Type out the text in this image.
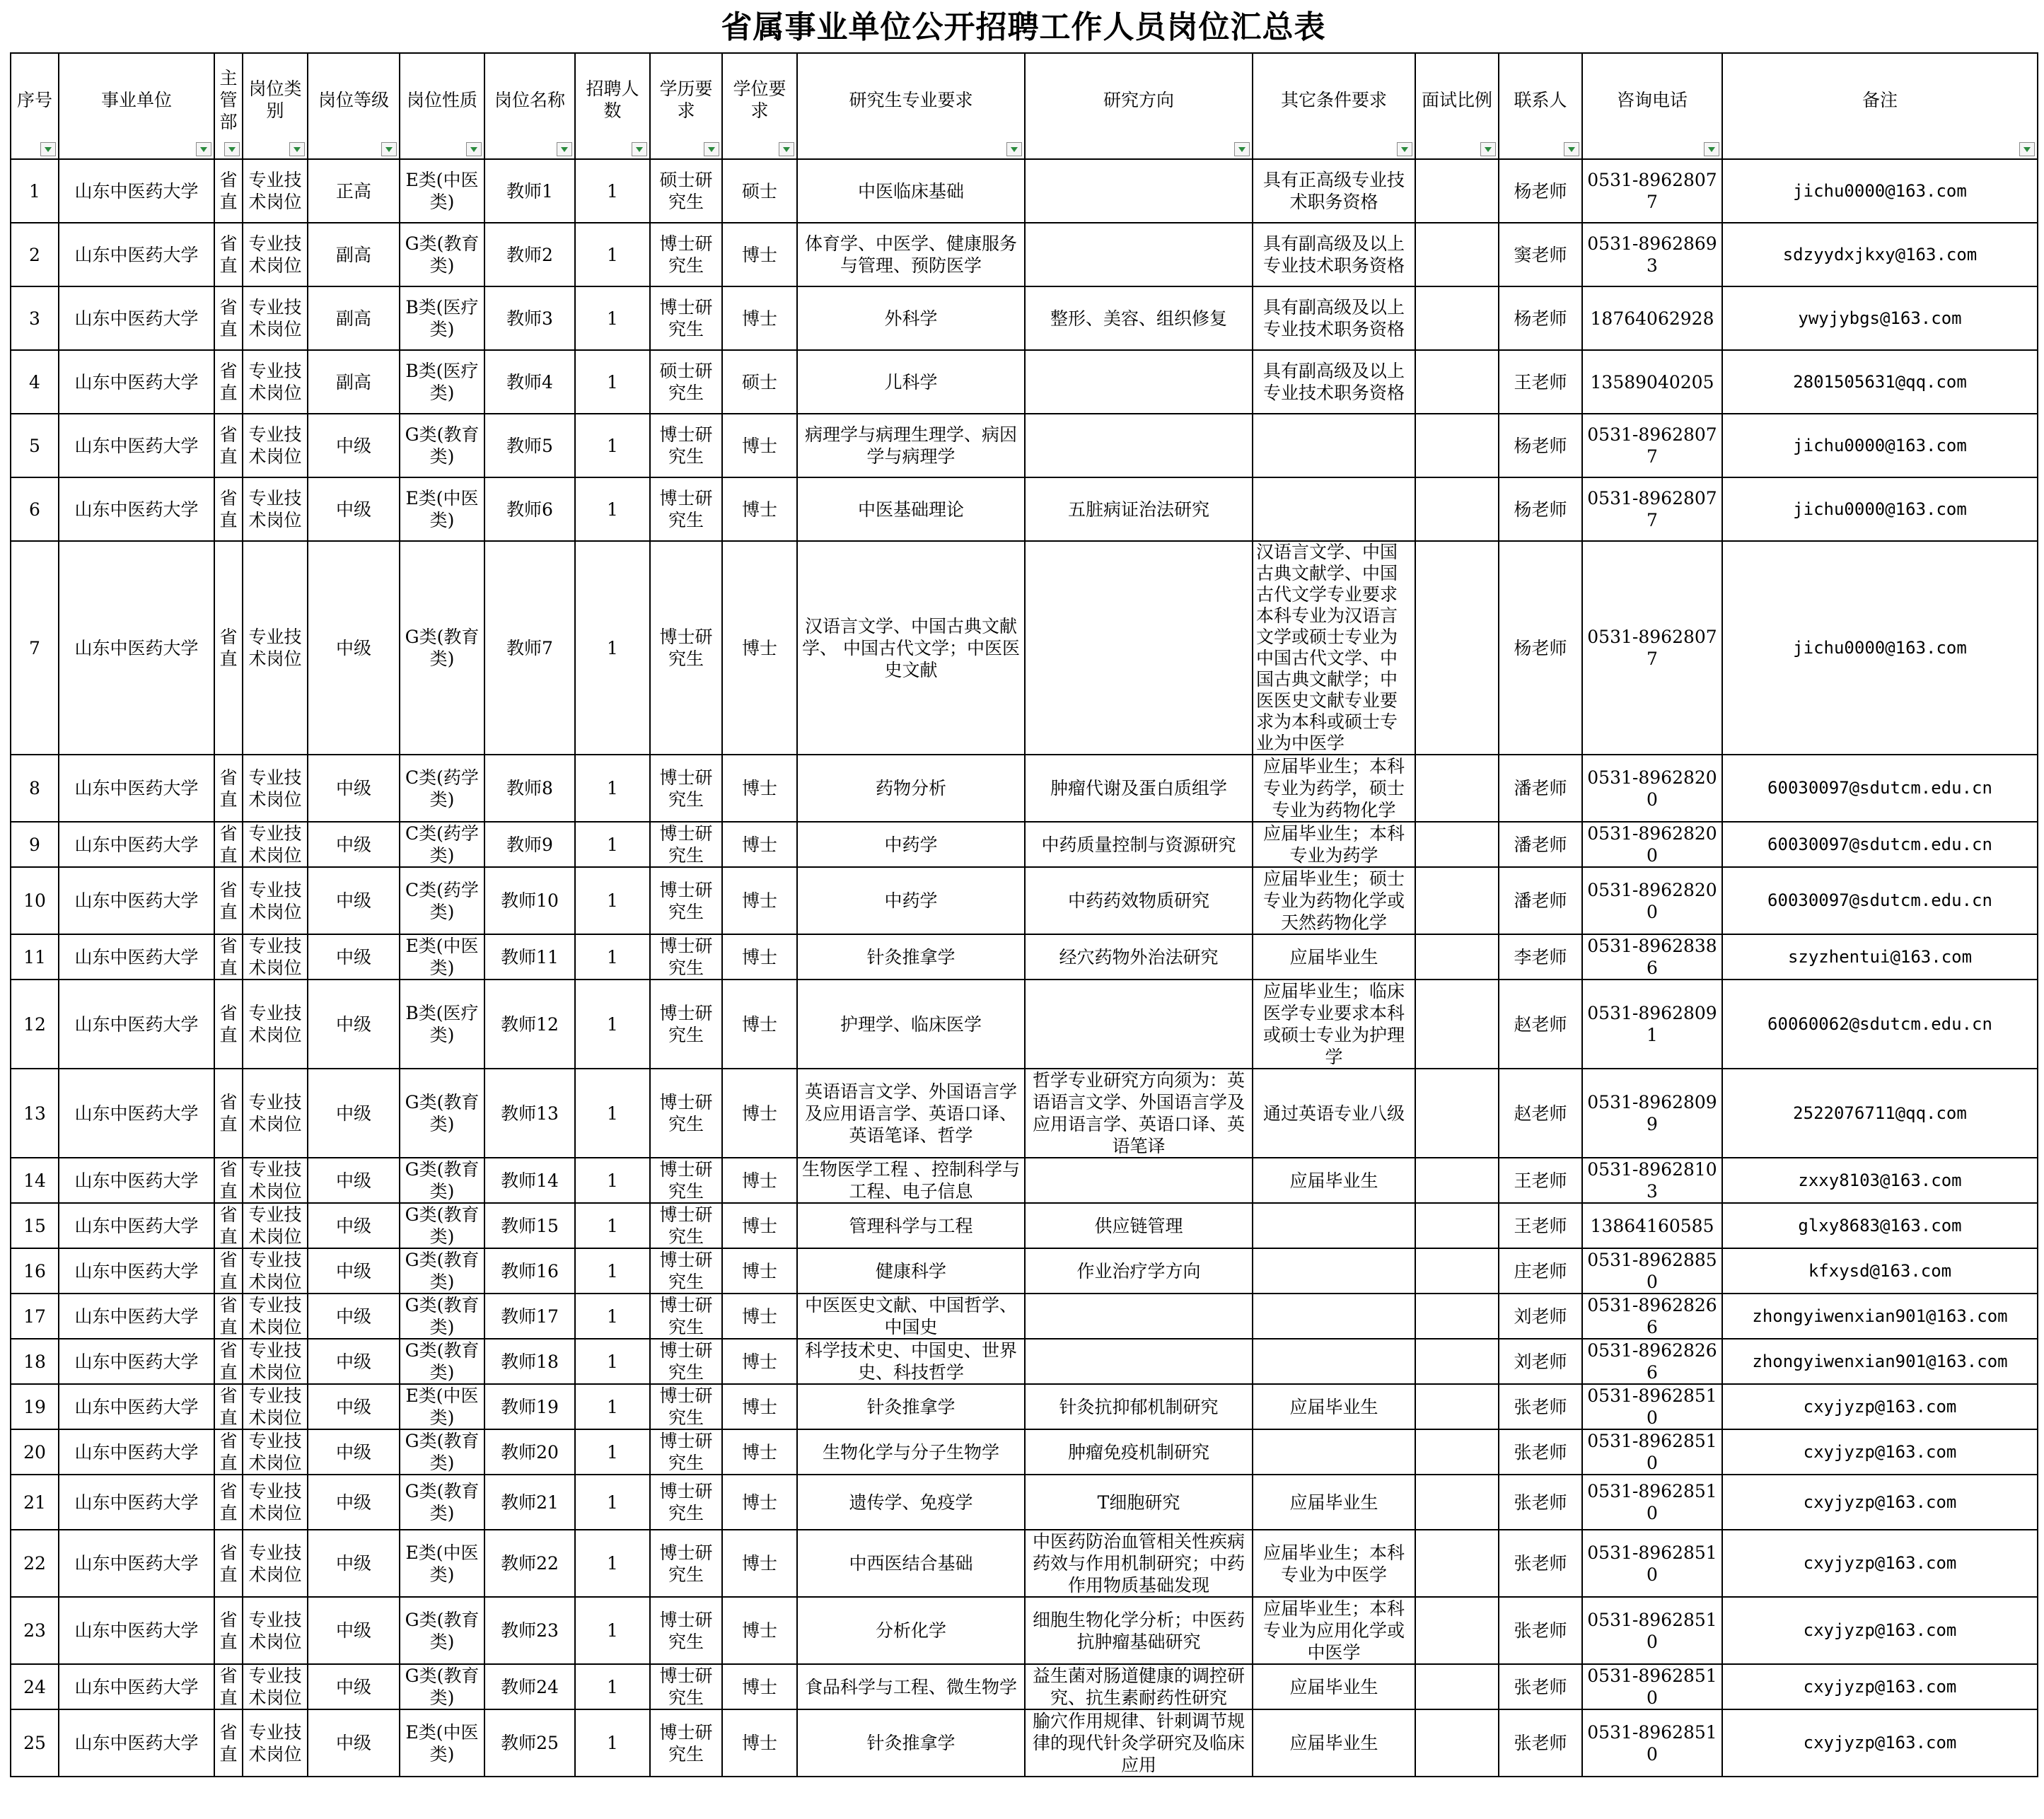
省属事业单位公开招聘工作人员岗位汇总表
序号	事业单位	主管部	岗位类别	岗位等级	岗位性质	岗位名称	招聘人数	学历要求	学位要求	研究生专业要求	研究方向	其它条件要求	面试比例	联系人	咨询电话	备注

1	山东中医药大学	省直	专业技术岗位	正高	E类(中医类)	教师1	1	硕士研究生	硕士	中医临床基础		具有正高级专业技术职务资格		杨老师	0531-89628077	jichu0000@163.com
2	山东中医药大学	省直	专业技术岗位	副高	G类(教育类)	教师2	1	博士研究生	博士	体育学、中医学、健康服务与管理、预防医学		具有副高级及以上专业技术职务资格		窦老师	0531-89628693	sdzyydxjkxy@163.com
3	山东中医药大学	省直	专业技术岗位	副高	B类(医疗类)	教师3	1	博士研究生	博士	外科学	整形、美容、组织修复	具有副高级及以上专业技术职务资格		杨老师	18764062928	ywyjybgs@163.com
4	山东中医药大学	省直	专业技术岗位	副高	B类(医疗类)	教师4	1	硕士研究生	硕士	儿科学		具有副高级及以上专业技术职务资格		王老师	13589040205	2801505631@qq.com
5	山东中医药大学	省直	专业技术岗位	中级	G类(教育类)	教师5	1	博士研究生	博士	病理学与病理生理学、病因学与病理学				杨老师	0531-89628077	jichu0000@163.com
6	山东中医药大学	省直	专业技术岗位	中级	E类(中医类)	教师6	1	博士研究生	博士	中医基础理论	五脏病证治法研究			杨老师	0531-89628077	jichu0000@163.com
7	山东中医药大学	省直	专业技术岗位	中级	G类(教育类)	教师7	1	博士研究生	博士	汉语言文学、中国古典文献学、 中国古代文学；中医医史文献		汉语言文学、中国古典文献学、中国古代文学专业要求本科专业为汉语言文学或硕士专业为中国古代文学、中国古典文献学；中医医史文献专业要求为本科或硕士专业为中医学		杨老师	0531-89628077	jichu0000@163.com
8	山东中医药大学	省直	专业技术岗位	中级	C类(药学类)	教师8	1	博士研究生	博士	药物分析	肿瘤代谢及蛋白质组学	应届毕业生；本科专业为药学，硕士专业为药物化学		潘老师	0531-89628200	60030097@sdutcm.edu.cn
9	山东中医药大学	省直	专业技术岗位	中级	C类(药学类)	教师9	1	博士研究生	博士	中药学	中药质量控制与资源研究	应届毕业生；本科专业为药学		潘老师	0531-89628200	60030097@sdutcm.edu.cn
10	山东中医药大学	省直	专业技术岗位	中级	C类(药学类)	教师10	1	博士研究生	博士	中药学	中药药效物质研究	应届毕业生；硕士专业为药物化学或天然药物化学		潘老师	0531-89628200	60030097@sdutcm.edu.cn
11	山东中医药大学	省直	专业技术岗位	中级	E类(中医类)	教师11	1	博士研究生	博士	针灸推拿学	经穴药物外治法研究	应届毕业生		李老师	0531-89628386	szyzhentui@163.com
12	山东中医药大学	省直	专业技术岗位	中级	B类(医疗类)	教师12	1	博士研究生	博士	护理学、临床医学		应届毕业生；临床医学专业要求本科或硕士专业为护理学		赵老师	0531-89628091	60060062@sdutcm.edu.cn
13	山东中医药大学	省直	专业技术岗位	中级	G类(教育类)	教师13	1	博士研究生	博士	英语语言文学、外国语言学及应用语言学、英语口译、英语笔译、哲学	哲学专业研究方向须为：英语语言文学、外国语言学及应用语言学、英语口译、英语笔译	通过英语专业八级		赵老师	0531-89628099	2522076711@qq.com
14	山东中医药大学	省直	专业技术岗位	中级	G类(教育类)	教师14	1	博士研究生	博士	生物医学工程 、控制科学与工程、电子信息		应届毕业生		王老师	0531-89628103	zxxy8103@163.com
15	山东中医药大学	省直	专业技术岗位	中级	G类(教育类)	教师15	1	博士研究生	博士	管理科学与工程	供应链管理			王老师	13864160585	glxy8683@163.com
16	山东中医药大学	省直	专业技术岗位	中级	G类(教育类)	教师16	1	博士研究生	博士	健康科学	作业治疗学方向			庄老师	0531-89628850	kfxysd@163.com
17	山东中医药大学	省直	专业技术岗位	中级	G类(教育类)	教师17	1	博士研究生	博士	中医医史文献、中国哲学、中国史				刘老师	0531-89628266	zhongyiwenxian901@163.com
18	山东中医药大学	省直	专业技术岗位	中级	G类(教育类)	教师18	1	博士研究生	博士	科学技术史、中国史、世界史、科技哲学				刘老师	0531-89628266	zhongyiwenxian901@163.com
19	山东中医药大学	省直	专业技术岗位	中级	E类(中医类)	教师19	1	博士研究生	博士	针灸推拿学	针灸抗抑郁机制研究	应届毕业生		张老师	0531-89628510	cxyjyzp@163.com
20	山东中医药大学	省直	专业技术岗位	中级	G类(教育类)	教师20	1	博士研究生	博士	生物化学与分子生物学	肿瘤免疫机制研究			张老师	0531-89628510	cxyjyzp@163.com
21	山东中医药大学	省直	专业技术岗位	中级	G类(教育类)	教师21	1	博士研究生	博士	遗传学、免疫学	T细胞研究	应届毕业生		张老师	0531-89628510	cxyjyzp@163.com
22	山东中医药大学	省直	专业技术岗位	中级	E类(中医类)	教师22	1	博士研究生	博士	中西医结合基础	中医药防治血管相关性疾病药效与作用机制研究；中药作用物质基础发现	应届毕业生；本科专业为中医学		张老师	0531-89628510	cxyjyzp@163.com
23	山东中医药大学	省直	专业技术岗位	中级	G类(教育类)	教师23	1	博士研究生	博士	分析化学	细胞生物化学分析；中医药抗肿瘤基础研究	应届毕业生；本科专业为应用化学或中医学		张老师	0531-89628510	cxyjyzp@163.com
24	山东中医药大学	省直	专业技术岗位	中级	G类(教育类)	教师24	1	博士研究生	博士	食品科学与工程、微生物学	益生菌对肠道健康的调控研究、抗生素耐药性研究	应届毕业生		张老师	0531-89628510	cxyjyzp@163.com
25	山东中医药大学	省直	专业技术岗位	中级	E类(中医类)	教师25	1	博士研究生	博士	针灸推拿学	腧穴作用规律、针刺调节规律的现代针灸学研究及临床应用	应届毕业生		张老师	0531-89628510	cxyjyzp@163.com
